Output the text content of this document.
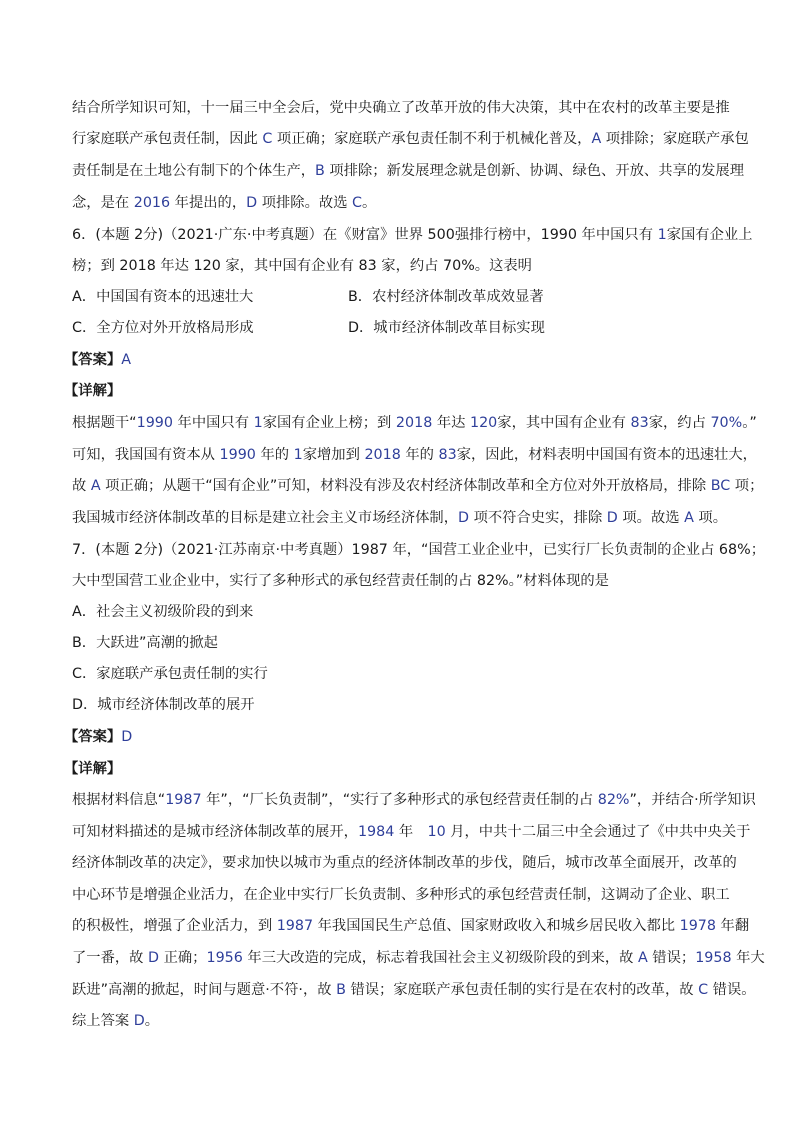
结合所学知识可知，十一届三中全会后，党中央确立了改革开放的伟大决策，其中在农村的改革主要是推
行家庭联产承包责任制，因此 C 项正确；家庭联产承包责任制不利于机械化普及，A 项排除；家庭联产承包
责任制是在土地公有制下的个体生产，B 项排除；新发展理念就是创新、协调、绿色、开放、共享的发展理
念，是在 2016 年提出的，D 项排除。故选 C。
6．(本题 2分)（2021·广东·中考真题）在《财富》世界 500强排行榜中，1990 年中国只有 1家国有企业上
榜；到 2018 年达 120 家，其中国有企业有 83 家，约占 70%。这表明
A．中国国有资本的迅速壮大	B．农村经济体制改革成效显著
C．全方位对外开放格局形成	D．城市经济体制改革目标实现
【答案】A
【详解】
根据题干“1990 年中国只有 1家国有企业上榜；到 2018 年达 120家，其中国有企业有 83家，约占 70%。”
可知，我国国有资本从 1990 年的 1家增加到 2018 年的 83家，因此，材料表明中国国有资本的迅速壮大，
故 A 项正确；从题干“国有企业”可知，材料没有涉及农村经济体制改革和全方位对外开放格局，排除 BC 项；
我国城市经济体制改革的目标是建立社会主义市场经济体制，D 项不符合史实，排除 D 项。故选 A 项。
7．(本题 2分)（2021·江苏南京·中考真题）1987 年，“国营工业企业中，已实行厂长负责制的企业占 68%；
大中型国营工业企业中，实行了多种形式的承包经营责任制的占 82%。”材料体现的是
A．社会主义初级阶段的到来
B．大跃进”高潮的掀起
C．家庭联产承包责任制的实行
D．城市经济体制改革的展开
【答案】D
【详解】
根据材料信息“1987 年”，“厂长负责制”，“实行了多种形式的承包经营责任制的占 82%”，并结合·所学知识
可知材料描述的是城市经济体制改革的展开，1984 年　10 月，中共十二届三中全会通过了《中共中央关于
经济体制改革的决定》，要求加快以城市为重点的经济体制改革的步伐，随后，城市改革全面展开，改革的
中心环节是增强企业活力，在企业中实行厂长负责制、多种形式的承包经营责任制，这调动了企业、职工
的积极性，增强了企业活力，到 1987 年我国国民生产总值、国家财政收入和城乡居民收入都比 1978 年翻
了一番，故 D 正确；1956 年三大改造的完成，标志着我国社会主义初级阶段的到来，故 A 错误；1958 年大
跃进”高潮的掀起，时间与题意·不符·，故 B 错误；家庭联产承包责任制的实行是在农村的改革，故 C 错误。
综上答案 D。
